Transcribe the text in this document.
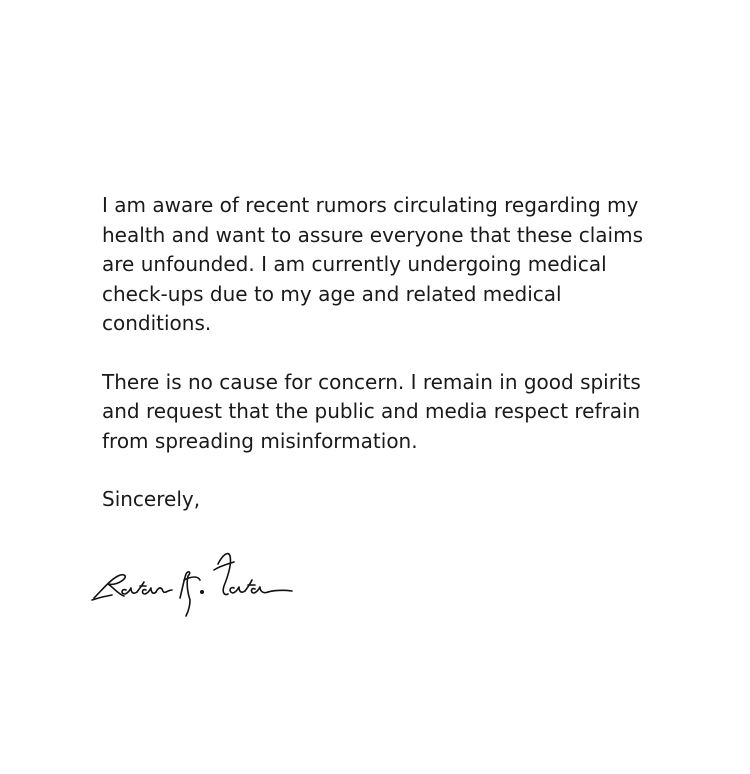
I am aware of recent rumors circulating regarding my
health and want to assure everyone that these claims
are unfounded. I am currently undergoing medical
check-ups due to my age and related medical
conditions.

There is no cause for concern. I remain in good spirits
and request that the public and media respect refrain
from spreading misinformation.

Sincerely,
